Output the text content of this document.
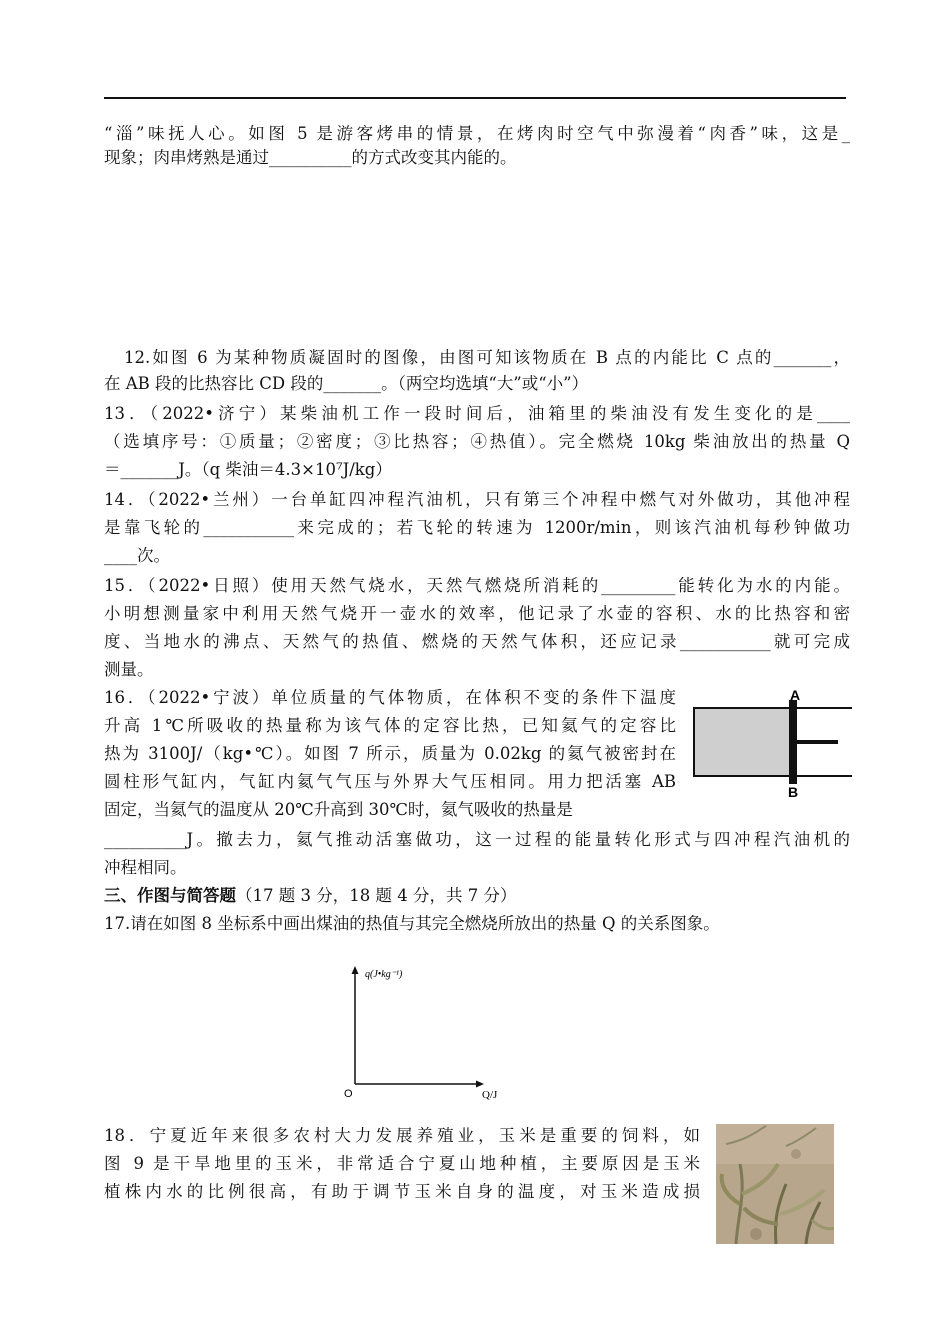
“淄”味抚人心。如图 5 是游客烤串的情景，在烤肉时空气中弥漫着“肉香”味，这是_
现象；肉串烤熟是通过__________的方式改变其内能的。
12.如图 6 为某种物质凝固时的图像，由图可知该物质在 B 点的内能比 C 点的_______，
在 AB 段的比热容比 CD 段的_______。（两空均选填“大”或“小”）
13．（2022•济宁）某柴油机工作一段时间后，油箱里的柴油没有发生变化的是____
（选填序号：①质量；②密度；③比热容；④热值）。完全燃烧 10kg 柴油放出的热量 Q
＝_______J。（q 柴油＝4.3×10⁷J/kg）
14．（2022•兰州）一台单缸四冲程汽油机，只有第三个冲程中燃气对外做功，其他冲程
是靠飞轮的___________来完成的；若飞轮的转速为 1200r/min，则该汽油机每秒钟做功
____次。
15．（2022•日照）使用天然气烧水，天然气燃烧所消耗的_________能转化为水的内能。
小明想测量家中利用天然气烧开一壶水的效率，他记录了水壶的容积、水的比热容和密
度、当地水的沸点、天然气的热值、燃烧的天然气体积，还应记录___________就可完成
测量。
16．（2022•宁波）单位质量的气体物质，在体积不变的条件下温度
升高 1℃所吸收的热量称为该气体的定容比热，已知氦气的定容比
热为 3100J/（kg•℃）。如图 7 所示，质量为 0.02kg 的氦气被密封在
圆柱形气缸内，气缸内氦气气压与外界大气压相同。用力把活塞 AB
固定，当氦气的温度从 20℃升高到 30℃时，氦气吸收的热量是
__________J。撤去力，氦气推动活塞做功，这一过程的能量转化形式与四冲程汽油机的
冲程相同。
三、作图与简答题（17 题 3 分，18 题 4 分，共 7 分）
17.请在如图 8 坐标系中画出煤油的热值与其完全燃烧所放出的热量 Q 的关系图象。
18．宁夏近年来很多农村大力发展养殖业，玉米是重要的饲料，如
图 9 是干旱地里的玉米，非常适合宁夏山地种植，主要原因是玉米
植株内水的比例很高，有助于调节玉米自身的温度，对玉米造成损
A
B
q(J•kg⁻¹)
Q/J
O
